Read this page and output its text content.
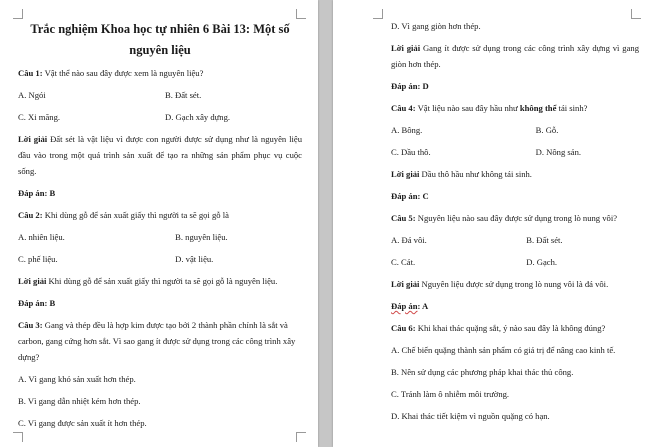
Trắc nghiệm Khoa học tự nhiên 6 Bài 13: Một số
nguyên liệu

Câu 1: Vật thể nào sau đây được xem là nguyên liệu?

A. Ngói	B. Đất sét.
C. Xi măng.	D. Gạch xây dựng.

Lời giải Đất sét là vật liệu vì được con người được sử dụng như là nguyên liệu đầu vào trong một quá trình sản xuất để tạo ra những sản phẩm phục vụ cuộc sống.

Đáp án: B

Câu 2: Khi dùng gỗ để sản xuất giấy thì người ta sẽ gọi gỗ là

A. nhiên liệu.	B. nguyên liệu.
C. phế liệu.	D. vật liệu.

Lời giải Khi dùng gỗ để sản xuất giấy thì người ta sẽ gọi gỗ là nguyên liệu.

Đáp án: B

Câu 3: Gang và thép đều là hợp kim được tạo bởi 2 thành phần chính là sắt và carbon, gang cứng hơn sắt. Vì sao gang ít được sử dụng trong các công trình xây dựng?

A. Vì gang khó sản xuất hơn thép.

B. Vì gang dẫn nhiệt kém hơn thép.

C. Vì gang được sản xuất ít hơn thép.

D. Vì gang giòn hơn thép.

Lời giải Gang ít được sử dụng trong các công trình xây dựng vì gang giòn hơn thép.

Đáp án: D

Câu 4: Vật liệu nào sau đây hầu như không thể tái sinh?

A. Bông.	B. Gỗ.
C. Dầu thô.	D. Nông sản.

Lời giải Dầu thô hầu như không tái sinh.

Đáp án: C

Câu 5: Nguyên liệu nào sau đây được sử dụng trong lò nung vôi?

A. Đá vôi.	B. Đất sét.
C. Cát.	D. Gạch.

Lời giải Nguyên liệu được sử dụng trong lò nung vôi là đá vôi.

Đáp án: A

Câu 6: Khi khai thác quặng sắt, ý nào sau đây là không đúng?

A. Chế biến quặng thành sản phẩm có giá trị để nâng cao kinh tế.

B. Nên sử dụng các phương pháp khai thác thủ công.

C. Tránh làm ô nhiễm môi trường.

D. Khai thác tiết kiệm vì nguồn quặng có hạn.
